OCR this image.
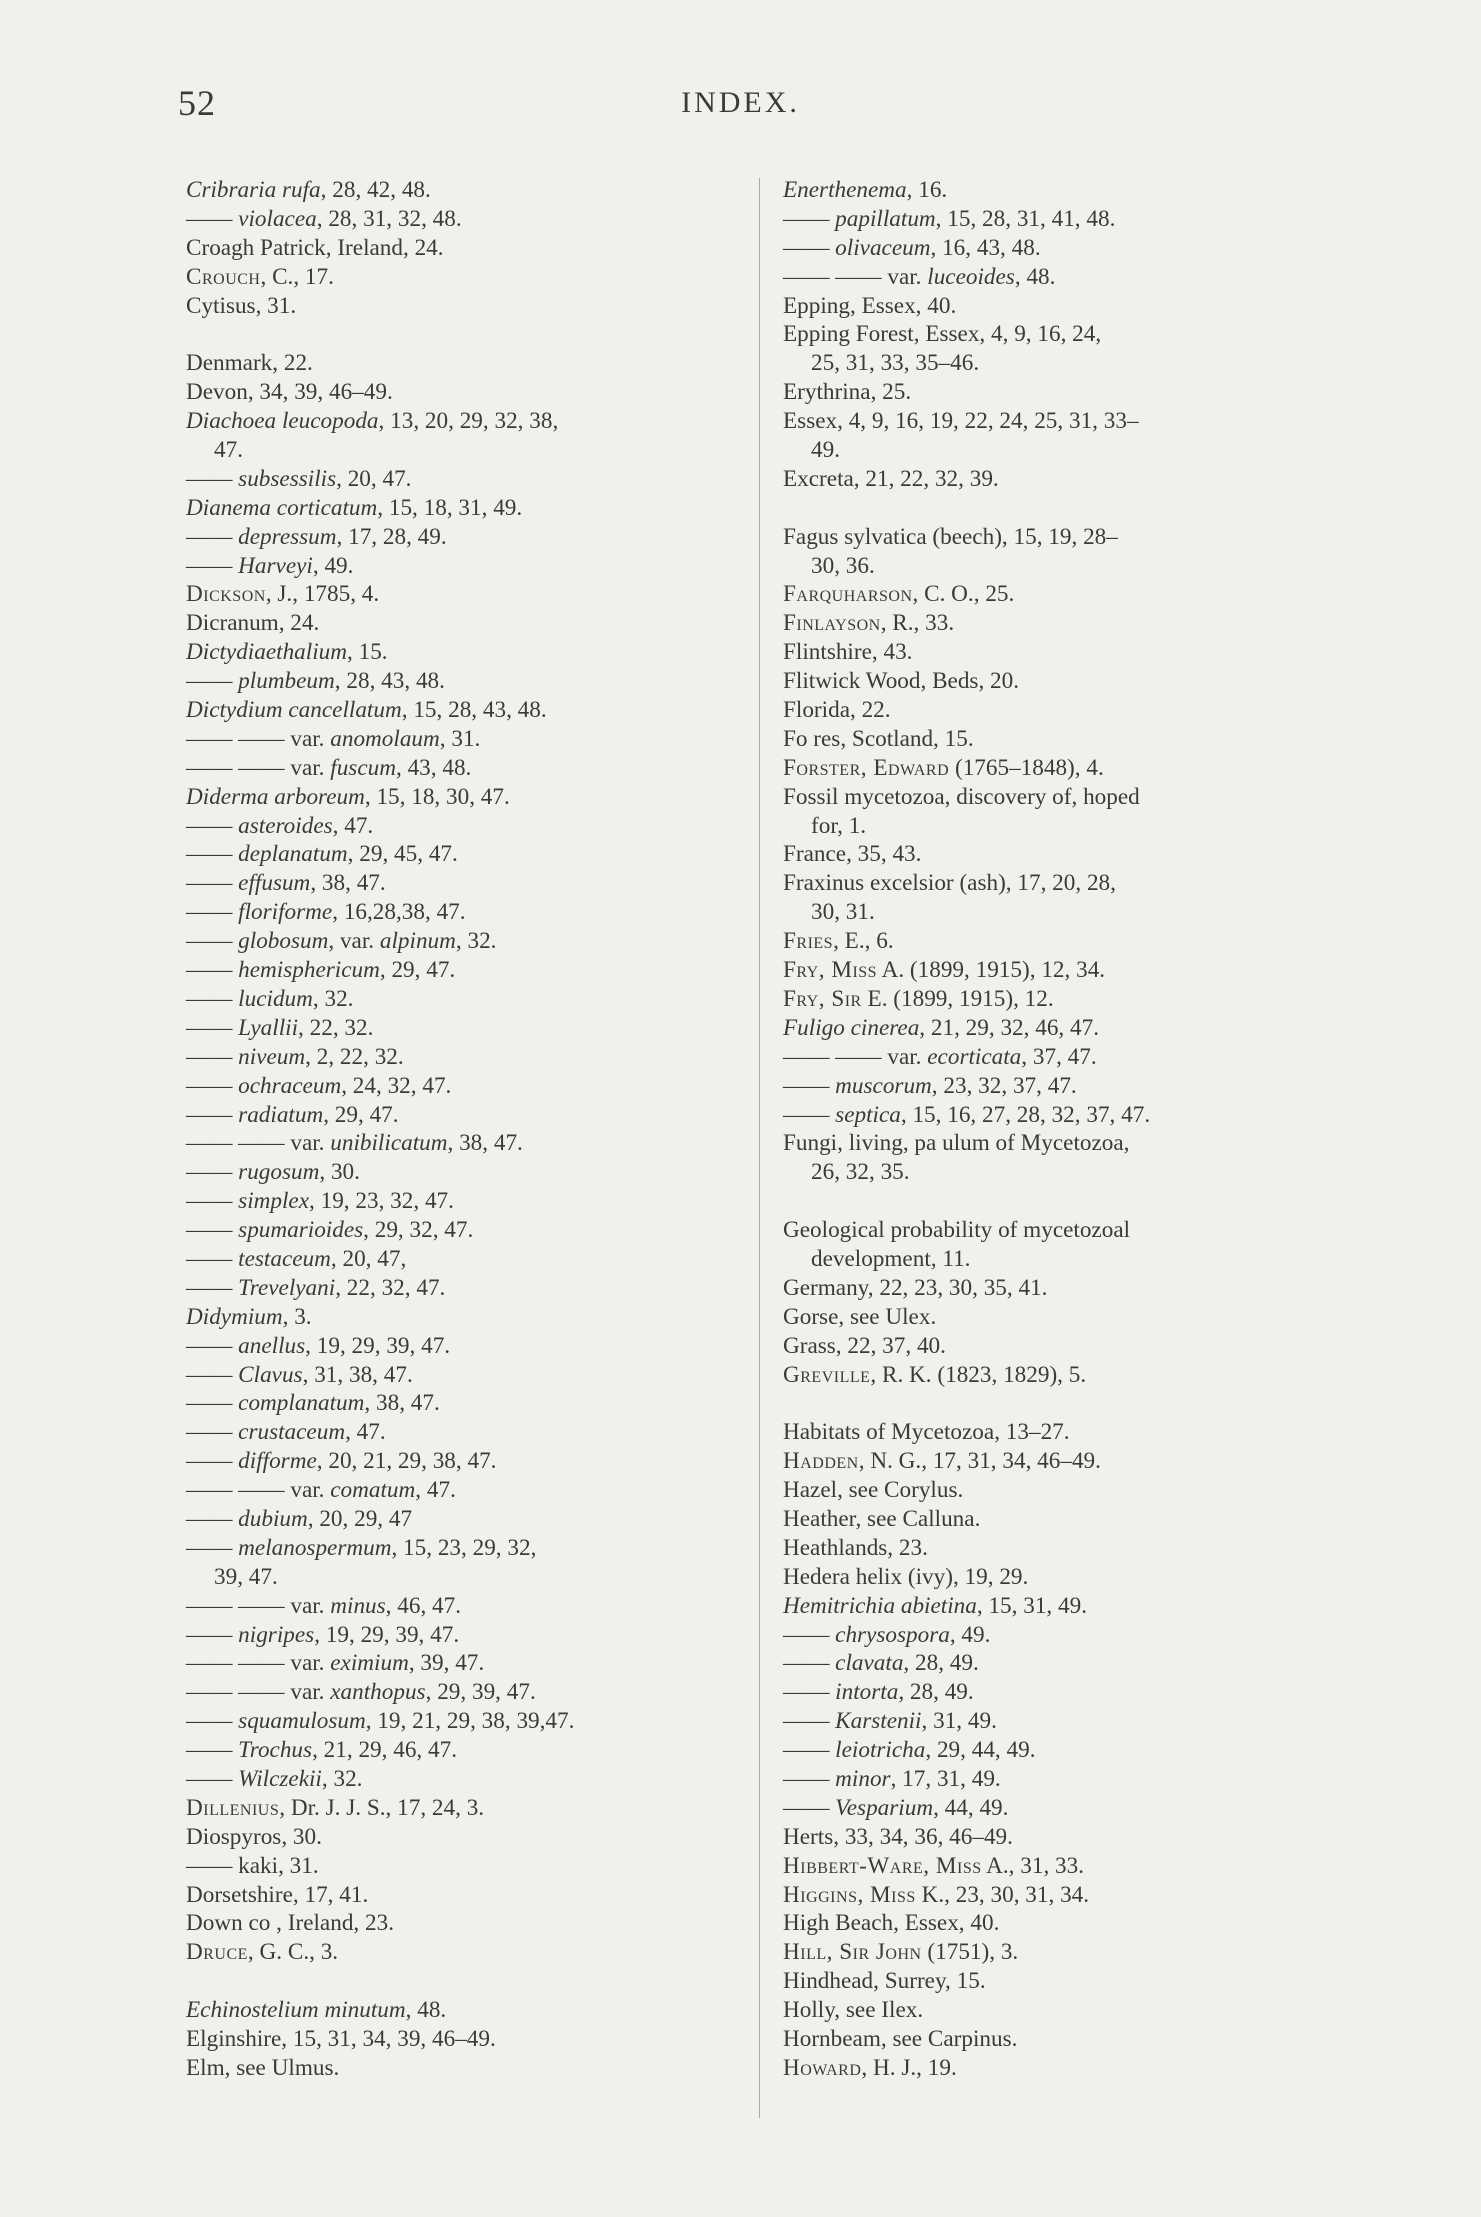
52	INDEX.
Cribraria rufa, 28, 42, 48.
—— violacea, 28, 31, 32, 48.
Croagh Patrick, Ireland, 24.
Crouch, C., 17.
Cytisus, 31.
Denmark, 22.
Devon, 34, 39, 46–49.
Diachoea leucopoda, 13, 20, 29, 32, 38,
47.
—— subsessilis, 20, 47.
Dianema corticatum, 15, 18, 31, 49.
—— depressum, 17, 28, 49.
—— Harveyi, 49.
Dickson, J., 1785, 4.
Dicranum, 24.
Dictydiaethalium, 15.
—— plumbeum, 28, 43, 48.
Dictydium cancellatum, 15, 28, 43, 48.
—— —— var. anomolaum, 31.
—— —— var. fuscum, 43, 48.
Diderma arboreum, 15, 18, 30, 47.
—— asteroides, 47.
—— deplanatum, 29, 45, 47.
—— effusum, 38, 47.
—— floriforme, 16,28,38, 47.
—— globosum, var. alpinum, 32.
—— hemisphericum, 29, 47.
—— lucidum, 32.
—— Lyallii, 22, 32.
—— niveum, 2, 22, 32.
—— ochraceum, 24, 32, 47.
—— radiatum, 29, 47.
—— —— var. unibilicatum, 38, 47.
—— rugosum, 30.
—— simplex, 19, 23, 32, 47.
—— spumarioides, 29, 32, 47.
—— testaceum, 20, 47,
—— Trevelyani, 22, 32, 47.
Didymium, 3.
—— anellus, 19, 29, 39, 47.
—— Clavus, 31, 38, 47.
—— complanatum, 38, 47.
—— crustaceum, 47.
—— difforme, 20, 21, 29, 38, 47.
—— —— var. comatum, 47.
—— dubium, 20, 29, 47
—— melanospermum, 15, 23, 29, 32,
39, 47.
—— —— var. minus, 46, 47.
—— nigripes, 19, 29, 39, 47.
—— —— var. eximium, 39, 47.
—— —— var. xanthopus, 29, 39, 47.
—— squamulosum, 19, 21, 29, 38, 39,47.
—— Trochus, 21, 29, 46, 47.
—— Wilczekii, 32.
Dillenius, Dr. J. J. S., 17, 24, 3.
Diospyros, 30.
—— kaki, 31.
Dorsetshire, 17, 41.
Down co , Ireland, 23.
Druce, G. C., 3.
Echinostelium minutum, 48.
Elginshire, 15, 31, 34, 39, 46–49.
Elm, see Ulmus.
Enerthenema, 16.
—— papillatum, 15, 28, 31, 41, 48.
—— olivaceum, 16, 43, 48.
—— —— var. luceoides, 48.
Epping, Essex, 40.
Epping Forest, Essex, 4, 9, 16, 24,
25, 31, 33, 35–46.
Erythrina, 25.
Essex, 4, 9, 16, 19, 22, 24, 25, 31, 33–
49.
Excreta, 21, 22, 32, 39.
Fagus sylvatica (beech), 15, 19, 28–
30, 36.
Farquharson, C. O., 25.
Finlayson, R., 33.
Flintshire, 43.
Flitwick Wood, Beds, 20.
Florida, 22.
Fo res, Scotland, 15.
Forster, Edward (1765–1848), 4.
Fossil mycetozoa, discovery of, hoped
for, 1.
France, 35, 43.
Fraxinus excelsior (ash), 17, 20, 28,
30, 31.
Fries, E., 6.
Fry, Miss A. (1899, 1915), 12, 34.
Fry, Sir E. (1899, 1915), 12.
Fuligo cinerea, 21, 29, 32, 46, 47.
—— —— var. ecorticata, 37, 47.
—— muscorum, 23, 32, 37, 47.
—— septica, 15, 16, 27, 28, 32, 37, 47.
Fungi, living, pa ulum of Mycetozoa,
26, 32, 35.
Geological probability of mycetozoal
development, 11.
Germany, 22, 23, 30, 35, 41.
Gorse, see Ulex.
Grass, 22, 37, 40.
Greville, R. K. (1823, 1829), 5.
Habitats of Mycetozoa, 13–27.
Hadden, N. G., 17, 31, 34, 46–49.
Hazel, see Corylus.
Heather, see Calluna.
Heathlands, 23.
Hedera helix (ivy), 19, 29.
Hemitrichia abietina, 15, 31, 49.
—— chrysospora, 49.
—— clavata, 28, 49.
—— intorta, 28, 49.
—— Karstenii, 31, 49.
—— leiotricha, 29, 44, 49.
—— minor, 17, 31, 49.
—— Vesparium, 44, 49.
Herts, 33, 34, 36, 46–49.
Hibbert-Ware, Miss A., 31, 33.
Higgins, Miss K., 23, 30, 31, 34.
High Beach, Essex, 40.
Hill, Sir John (1751), 3.
Hindhead, Surrey, 15.
Holly, see Ilex.
Hornbeam, see Carpinus.
Howard, H. J., 19.
